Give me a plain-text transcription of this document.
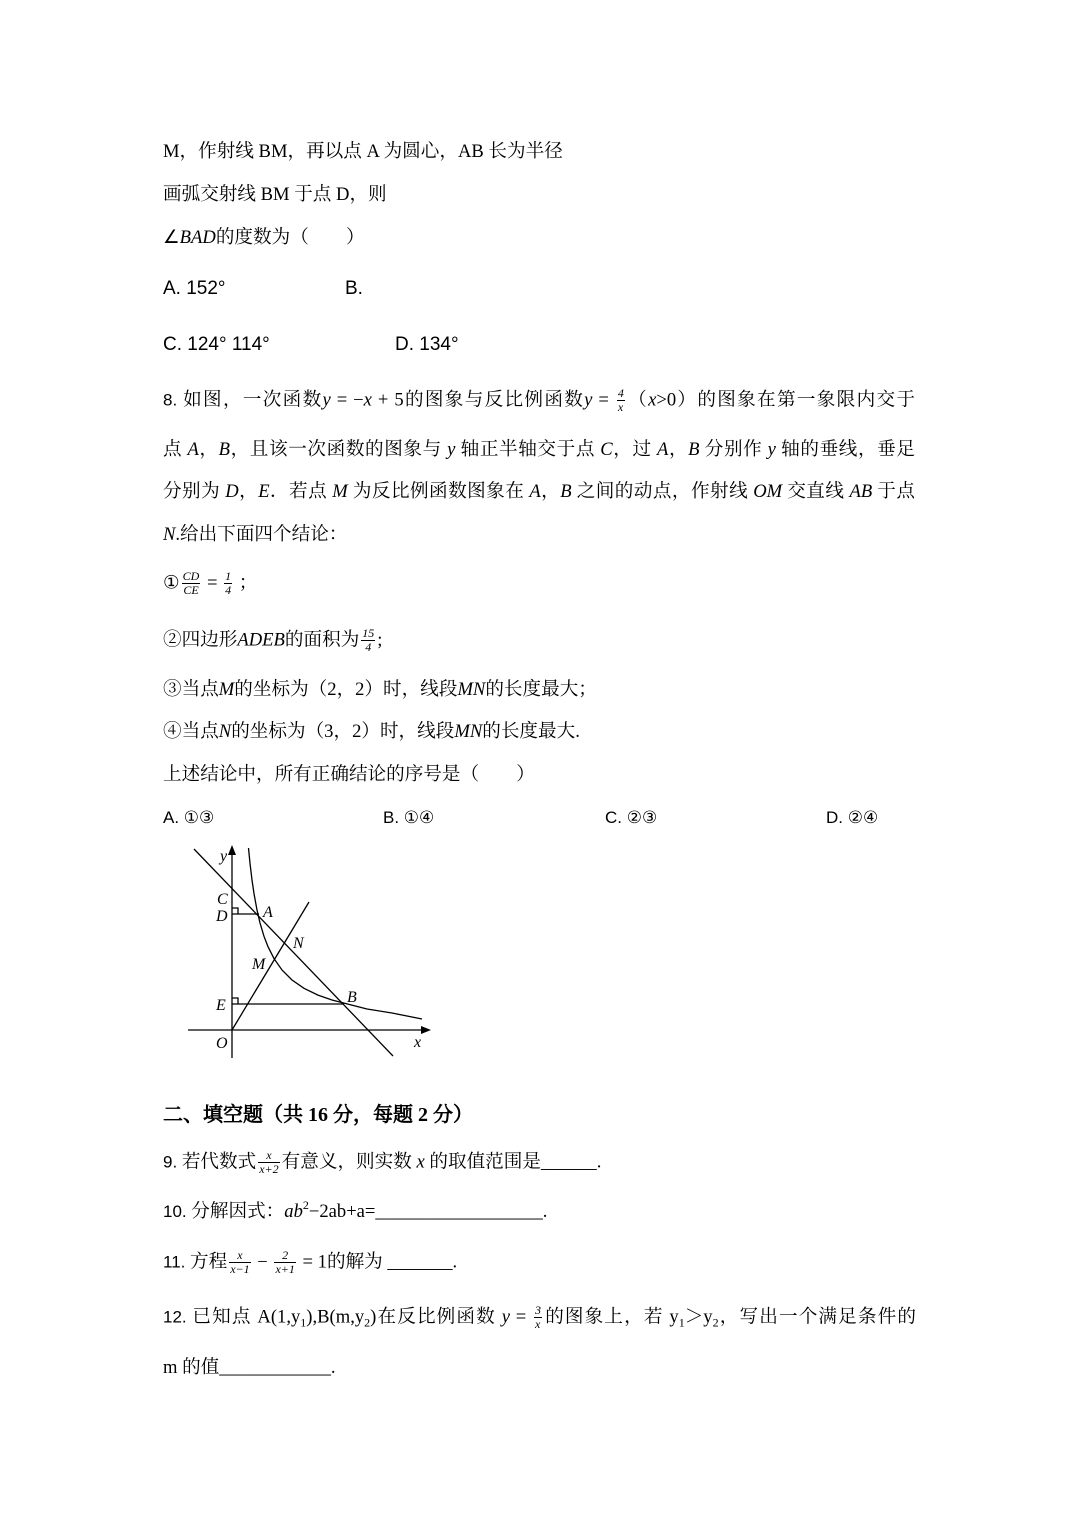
M，作射线 BM，再以点 A 为圆心，AB 长为半径
画弧交射线 BM 于点 D，则
∠BAD的度数为（　　）
A. 152°	B.
C. 124° 114°	D. 134°
8. 如图，一次函数y = −x + 5的图象与反比例函数$y = \frac{4}{x} (x>0)$的图象在第一象限内交于
点 A，B，且该一次函数的图象与 y 轴正半轴交于点 C，过 A，B 分别作 y 轴的垂线，垂足
分别为 D，E．若点 M 为反比例函数图象在 A，B 之间的动点，作射线 OM 交直线 AB 于点
N.给出下面四个结论：
① $\frac{CD}{CE} = \frac{1}{4}$ ；
②四边形ADEB的面积为 $\frac{15}{4}$ ;
③当点M的坐标为（2，2）时，线段MN的长度最大；
④当点N的坐标为（3，2）时，线段MN的长度最大.
上述结论中，所有正确结论的序号是（　　）
A. ①③	B. ①④	C. ②③	D. ②④
y
C
D A
N
M
E	B
O	x
二、填空题（共 16 分，每题 2 分）
9. 若代数式 $\frac{x}{x+2}$ 有意义，则实数 x 的取值范围是______.
10. 分解因式：$ab^2-2ab+a=\_\_\_\_\_\_\_\_\_\_\_\_\_\_\_\_\_\_$.
11. 方程 $\frac{x}{x-1} - \frac{2}{x+1} = 1$的解为 _______.
12. 已知点 $A(1,y_1),B(m,y_2)$在反比例函数 $y = \frac{3}{x}$ 的图象上，若 $y_1>y_2$，写出一个满足条件的
m 的值____________.
